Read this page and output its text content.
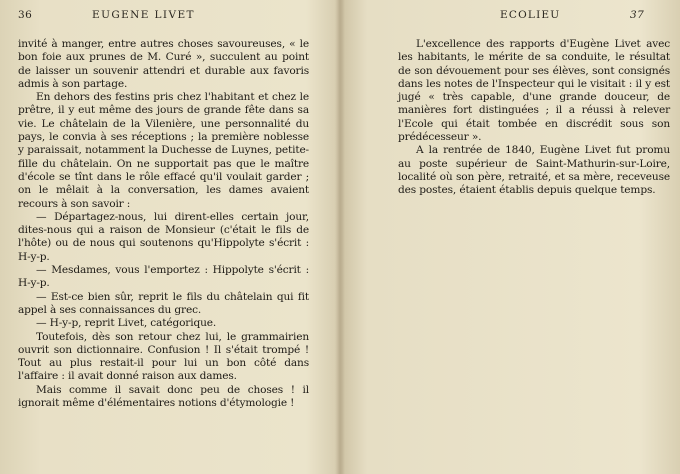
36	EUGENE LIVET

invité à manger, entre autres choses savoureuses, « le bon foie aux prunes de M. Curé », succulent au point de laisser un souvenir attendri et durable aux favoris admis à son partage.

En dehors des festins pris chez l'habitant et chez le prêtre, il y eut même des jours de grande fête dans sa vie. Le châtelain de la Vilenière, une personnalité du pays, le convia à ses réceptions ; la première noblesse y paraissait, notamment la Duchesse de Luynes, petite-fille du châtelain. On ne supportait pas que le maître d'école se tînt dans le rôle effacé qu'il voulait garder ; on le mêlait à la conversation, les dames avaient recours à son savoir :

— Départagez-nous, lui dirent-elles certain jour, dites-nous qui a raison de Monsieur (c'était le fils de l'hôte) ou de nous qui soutenons qu'Hippolyte s'écrit : H-y-p.

— Mesdames, vous l'emportez : Hippolyte s'écrit : H-y-p.

— Est-ce bien sûr, reprit le fils du châtelain qui fit appel à ses connaissances du grec.

— H-y-p, reprit Livet, catégorique.

Toutefois, dès son retour chez lui, le grammairien ouvrit son dictionnaire. Confusion ! Il s'était trompé ! Tout au plus restait-il pour lui un bon côté dans l'affaire : il avait donné raison aux dames.

Mais comme il savait donc peu de choses ! il ignorait même d'élémentaires notions d'étymologie !

ECOLIEU	37

L'excellence des rapports d'Eugène Livet avec les habitants, le mérite de sa conduite, le résultat de son dévouement pour ses élèves, sont consignés dans les notes de l'Inspecteur qui le visitait : il y est jugé « très capable, d'une grande douceur, de manières fort distinguées ; il a réussi à relever l'Ecole qui était tombée en discrédit sous son prédécesseur ».

A la rentrée de 1840, Eugène Livet fut promu au poste supérieur de Saint-Mathurin-sur-Loire, localité où son père, retraité, et sa mère, receveuse des postes, étaient établis depuis quelque temps.
